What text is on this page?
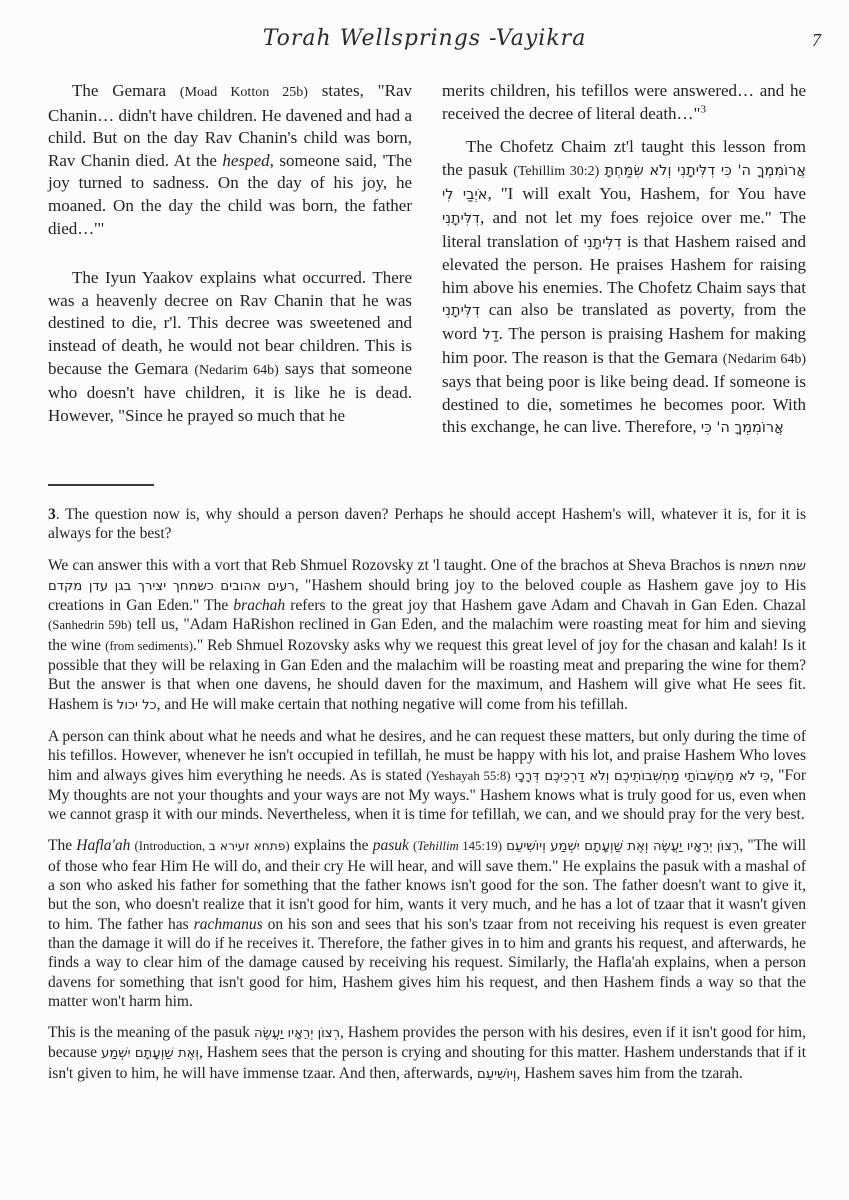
Torah Wellsprings -Vayikra	7

The Gemara (Moad Kotton 25b) states, "Rav Chanin… didn't have children. He davened and had a child. But on the day Rav Chanin's child was born, Rav Chanin died. At the hesped, someone said, 'The joy turned to sadness. On the day of his joy, he moaned. On the day the child was born, the father died…'"

The Iyun Yaakov explains what occurred. There was a heavenly decree on Rav Chanin that he was destined to die, r'l. This decree was sweetened and instead of death, he would not bear children. This is because the Gemara (Nedarim 64b) says that someone who doesn't have children, it is like he is dead. However, "Since he prayed so much that he

merits children, his tefillos were answered… and he received the decree of literal death…"$^3$

The Chofetz Chaim zt'l taught this lesson from the pasuk (Tehillim 30:2) אֲרוֹמִמְךָ ה' כִּי דִלִּיתָנִי וְלֹא שִׂמַּחְתָּ אֹיְבַי לִי, "I will exalt You, Hashem, for You have דִלִּיתָנִי, and not let my foes rejoice over me." The literal translation of דִלִּיתָנִי is that Hashem raised and elevated the person. He praises Hashem for raising him above his enemies. The Chofetz Chaim says that דִלִּיתָנִי can also be translated as poverty, from the word דַל. The person is praising Hashem for making him poor. The reason is that the Gemara (Nedarim 64b) says that being poor is like being dead. If someone is destined to die, sometimes he becomes poor. With this exchange, he can live. Therefore, אֲרוֹמִמְךָ ה' כִּי

3. The question now is, why should a person daven? Perhaps he should accept Hashem's will, whatever it is, for it is always for the best?

We can answer this with a vort that Reb Shmuel Rozovsky zt 'l taught. One of the brachos at Sheva Brachos is שמח תשמח רעים אהובים כשמחך יצירך בגן עדן מקדם, "Hashem should bring joy to the beloved couple as Hashem gave joy to His creations in Gan Eden." The brachah refers to the great joy that Hashem gave Adam and Chavah in Gan Eden. Chazal (Sanhedrin 59b) tell us, "Adam HaRishon reclined in Gan Eden, and the malachim were roasting meat for him and sieving the wine (from sediments)." Reb Shmuel Rozovsky asks why we request this great level of joy for the chasan and kalah! Is it possible that they will be relaxing in Gan Eden and the malachim will be roasting meat and preparing the wine for them? But the answer is that when one davens, he should daven for the maximum, and Hashem will give what He sees fit. Hashem is כל יכול, and He will make certain that nothing negative will come from his tefillah.

A person can think about what he needs and what he desires, and he can request these matters, but only during the time of his tefillos. However, whenever he isn't occupied in tefillah, he must be happy with his lot, and praise Hashem Who loves him and always gives him everything he needs. As is stated (Yeshayah 55:8) כִּי לֹא מַחְשְׁבוֹתַי מַחְשְׁבוֹתֵיכֶם וְלֹא דַרְכֵיכֶם דְּרָכָי, "For My thoughts are not your thoughts and your ways are not My ways." Hashem knows what is truly good for us, even when we cannot grasp it with our minds. Nevertheless, when it is time for tefillah, we can, and we should pray for the very best.

The Hafla'ah (Introduction, פתחא זעירא ב) explains the pasuk (Tehillim 145:19) רְצוֹן יְרֵאָיו יַעֲשֶׂה וְאֶת שַׁוְעָתָם יִשְׁמַע וְיוֹשִׁיעֵם, "The will of those who fear Him He will do, and their cry He will hear, and will save them." He explains the pasuk with a mashal of a son who asked his father for something that the father knows isn't good for the son. The father doesn't want to give it, but the son, who doesn't realize that it isn't good for him, wants it very much, and he has a lot of tzaar that it wasn't given to him. The father has rachmanus on his son and sees that his son's tzaar from not receiving his request is even greater than the damage it will do if he receives it. Therefore, the father gives in to him and grants his request, and afterwards, he finds a way to clear him of the damage caused by receiving his request. Similarly, the Hafla'ah explains, when a person davens for something that isn't good for him, Hashem gives him his request, and then Hashem finds a way so that the matter won't harm him.

This is the meaning of the pasuk רְצוֹן יְרֵאָיו יַעֲשֶׂה, Hashem provides the person with his desires, even if it isn't good for him, because וְאֶת שַׁוְעָתָם יִשְׁמַע, Hashem sees that the person is crying and shouting for this matter. Hashem understands that if it isn't given to him, he will have immense tzaar. And then, afterwards, וְיוֹשִׁיעֵם, Hashem saves him from the tzarah.
